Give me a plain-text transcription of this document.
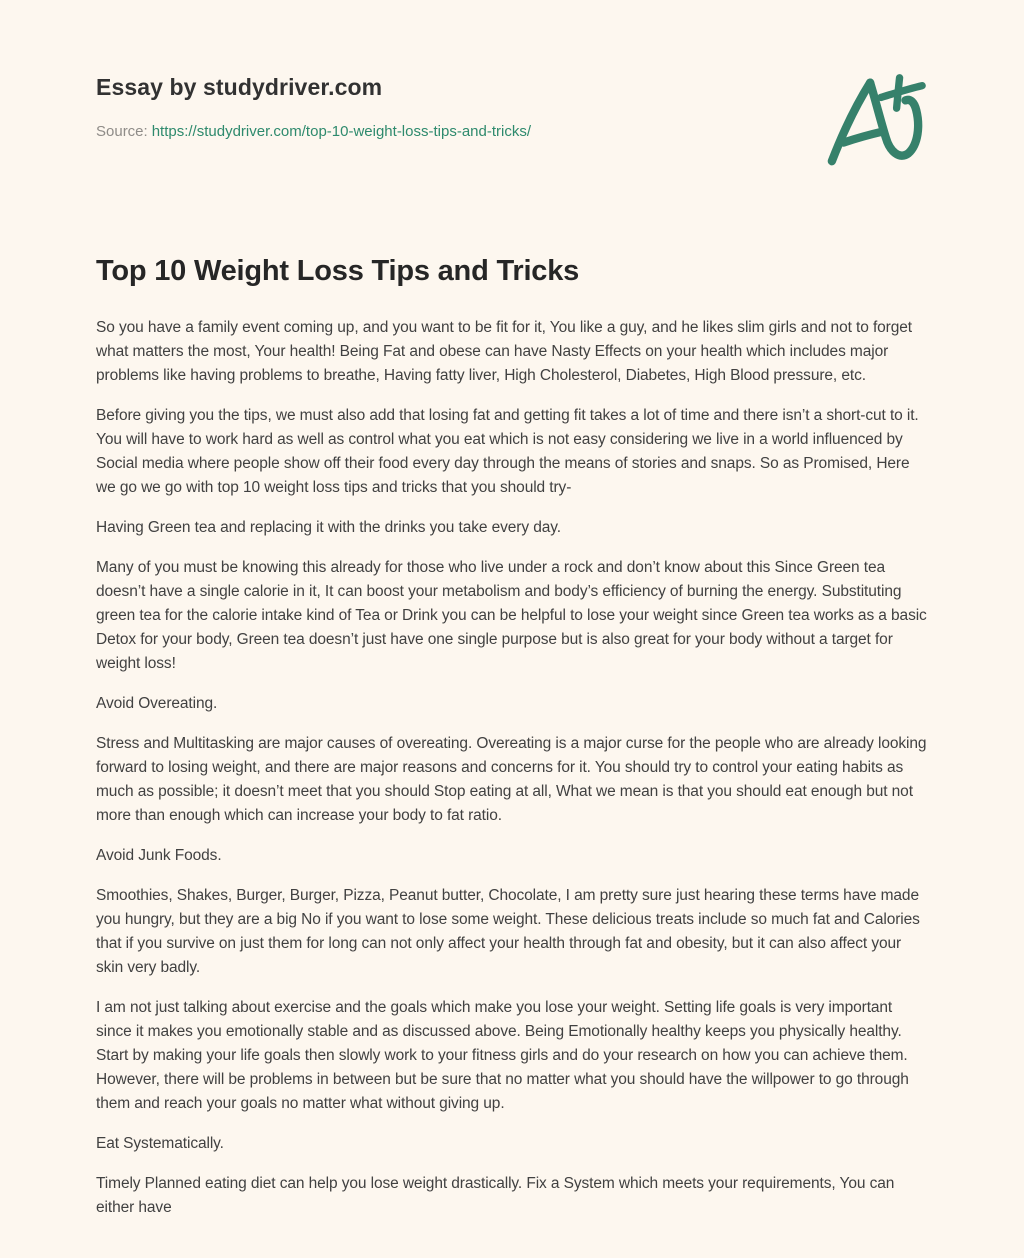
Essay by studydriver.com
Source: https://studydriver.com/top-10-weight-loss-tips-and-tricks/
Top 10 Weight Loss Tips and Tricks

So you have a family event coming up, and you want to be fit for it, You like a guy, and he likes slim girls and not to forget what matters the most, Your health! Being Fat and obese can have Nasty Effects on your health which includes major problems like having problems to breathe, Having fatty liver, High Cholesterol, Diabetes, High Blood pressure, etc.

Before giving you the tips, we must also add that losing fat and getting fit takes a lot of time and there isn’t a short-cut to it. You will have to work hard as well as control what you eat which is not easy considering we live in a world influenced by Social media where people show off their food every day through the means of stories and snaps. So as Promised, Here we go we go with top 10 weight loss tips and tricks that you should try-

Having Green tea and replacing it with the drinks you take every day.

Many of you must be knowing this already for those who live under a rock and don’t know about this Since Green tea doesn’t have a single calorie in it, It can boost your metabolism and body’s efficiency of burning the energy. Substituting green tea for the calorie intake kind of Tea or Drink you can be helpful to lose your weight since Green tea works as a basic Detox for your body, Green tea doesn’t just have one single purpose but is also great for your body without a target for weight loss!

Avoid Overeating.

Stress and Multitasking are major causes of overeating. Overeating is a major curse for the people who are already looking forward to losing weight, and there are major reasons and concerns for it. You should try to control your eating habits as much as possible; it doesn’t meet that you should Stop eating at all, What we mean is that you should eat enough but not more than enough which can increase your body to fat ratio.

Avoid Junk Foods.

Smoothies, Shakes, Burger, Burger, Pizza, Peanut butter, Chocolate, I am pretty sure just hearing these terms have made you hungry, but they are a big No if you want to lose some weight. These delicious treats include so much fat and Calories that if you survive on just them for long can not only affect your health through fat and obesity, but it can also affect your skin very badly.

I am not just talking about exercise and the goals which make you lose your weight. Setting life goals is very important since it makes you emotionally stable and as discussed above. Being Emotionally healthy keeps you physically healthy. Start by making your life goals then slowly work to your fitness girls and do your research on how you can achieve them. However, there will be problems in between but be sure that no matter what you should have the willpower to go through them and reach your goals no matter what without giving up.

Eat Systematically.

Timely Planned eating diet can help you lose weight drastically. Fix a System which meets your requirements, You can either have
